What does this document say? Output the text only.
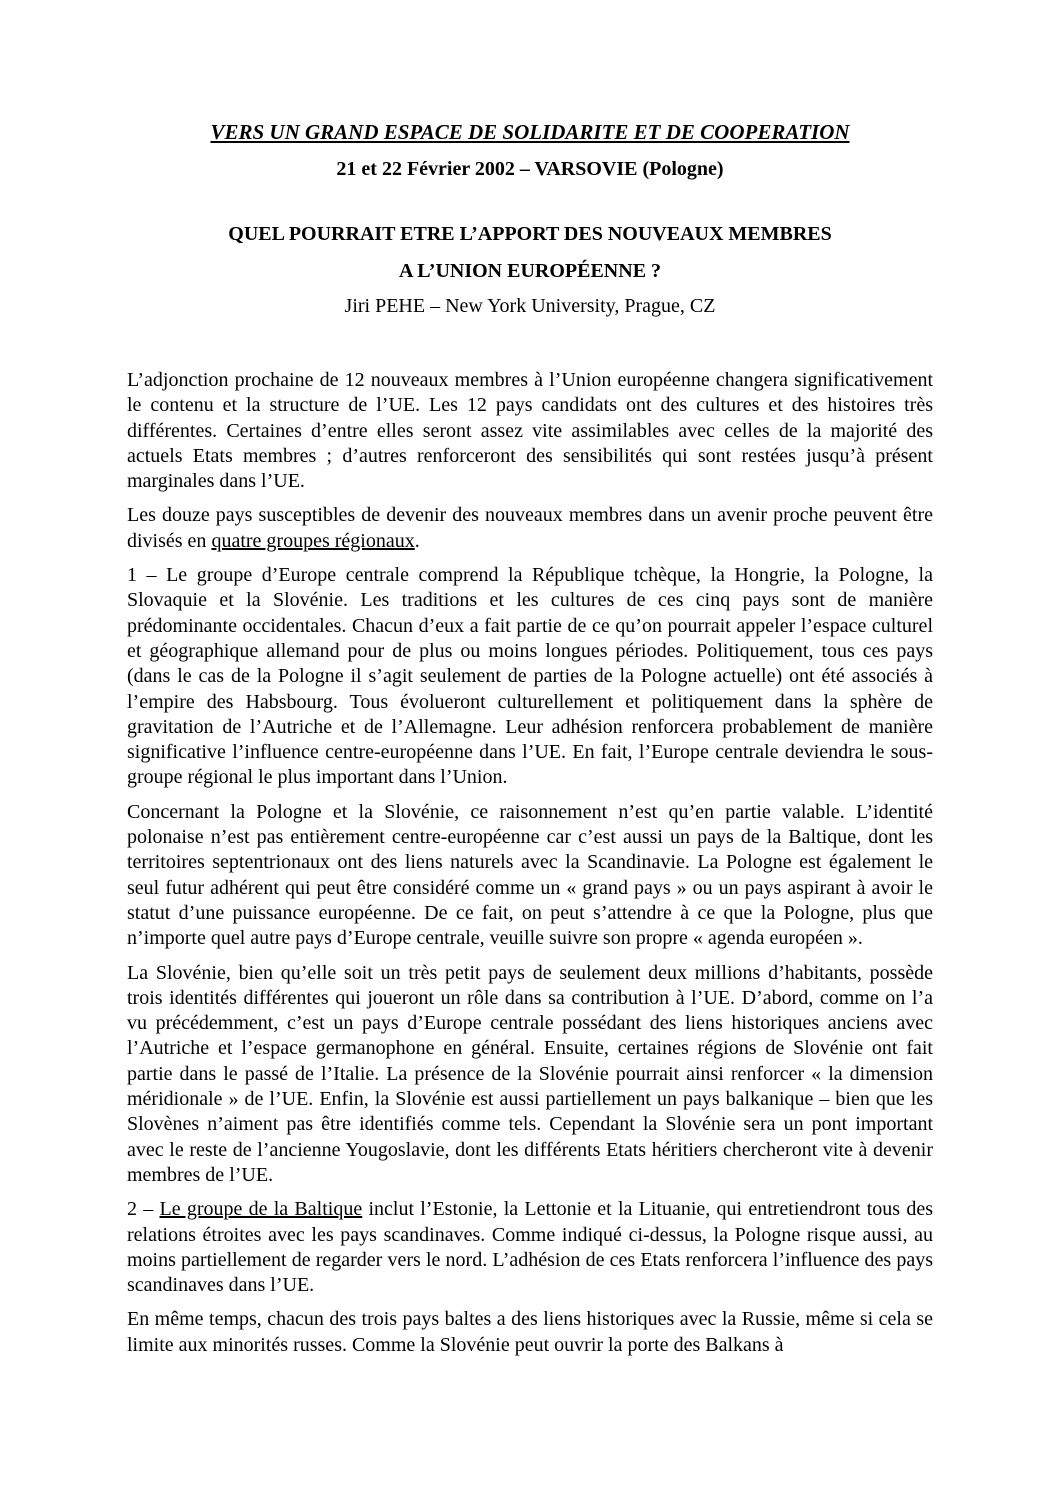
VERS UN GRAND ESPACE DE SOLIDARITE ET DE COOPERATION

21 et 22 Février 2002 – VARSOVIE (Pologne)

QUEL POURRAIT ETRE L’APPORT DES NOUVEAUX MEMBRES

A L’UNION EUROPÉENNE ?

Jiri PEHE – New York University, Prague, CZ

L’adjonction prochaine de 12 nouveaux membres à l’Union européenne changera significativement le contenu et la structure de l’UE. Les 12 pays candidats ont des cultures et des histoires très différentes. Certaines d’entre elles seront assez vite assimilables avec celles de la majorité des actuels Etats membres ; d’autres renforceront des sensibilités qui sont restées jusqu’à présent marginales dans l’UE.

Les douze pays susceptibles de devenir des nouveaux membres dans un avenir proche peuvent être divisés en quatre groupes régionaux.

1 – Le groupe d’Europe centrale comprend la République tchèque, la Hongrie, la Pologne, la Slovaquie et la Slovénie. Les traditions et les cultures de ces cinq pays sont de manière prédominante occidentales. Chacun d’eux a fait partie de ce qu’on pourrait appeler l’espace culturel et géographique allemand pour de plus ou moins longues périodes. Politiquement, tous ces pays (dans le cas de la Pologne il s’agit seulement de parties de la Pologne actuelle) ont été associés à l’empire des Habsbourg. Tous évolueront culturellement et politiquement dans la sphère de gravitation de l’Autriche et de l’Allemagne. Leur adhésion renforcera probablement de manière significative l’influence centre-européenne dans l’UE. En fait, l’Europe centrale deviendra le sous-groupe régional le plus important dans l’Union.

Concernant la Pologne et la Slovénie, ce raisonnement n’est qu’en partie valable. L’identité polonaise n’est pas entièrement centre-européenne car c’est aussi un pays de la Baltique, dont les territoires septentrionaux ont des liens naturels avec la Scandinavie. La Pologne est également le seul futur adhérent qui peut être considéré comme un « grand pays » ou un pays aspirant à avoir le statut d’une puissance européenne. De ce fait, on peut s’attendre à ce que la Pologne, plus que n’importe quel autre pays d’Europe centrale, veuille suivre son propre « agenda européen ».

La Slovénie, bien qu’elle soit un très petit pays de seulement deux millions d’habitants, possède trois identités différentes qui joueront un rôle dans sa contribution à l’UE. D’abord, comme on l’a vu précédemment, c’est un pays d’Europe centrale possédant des liens historiques anciens avec l’Autriche et l’espace germanophone en général. Ensuite, certaines régions de Slovénie ont fait partie dans le passé de l’Italie. La présence de la Slovénie pourrait ainsi renforcer « la dimension méridionale » de l’UE. Enfin, la Slovénie est aussi partiellement un pays balkanique – bien que les Slovènes n’aiment pas être identifiés comme tels. Cependant la Slovénie sera un pont important avec le reste de l’ancienne Yougoslavie, dont les différents Etats héritiers chercheront vite à devenir membres de l’UE.

2 – Le groupe de la Baltique inclut l’Estonie, la Lettonie et la Lituanie, qui entretiendront tous des relations étroites avec les pays scandinaves. Comme indiqué ci-dessus, la Pologne risque aussi, au moins partiellement de regarder vers le nord. L’adhésion de ces Etats renforcera l’influence des pays scandinaves dans l’UE.

En même temps, chacun des trois pays baltes a des liens historiques avec la Russie, même si cela se limite aux minorités russes. Comme la Slovénie peut ouvrir la porte des Balkans à
